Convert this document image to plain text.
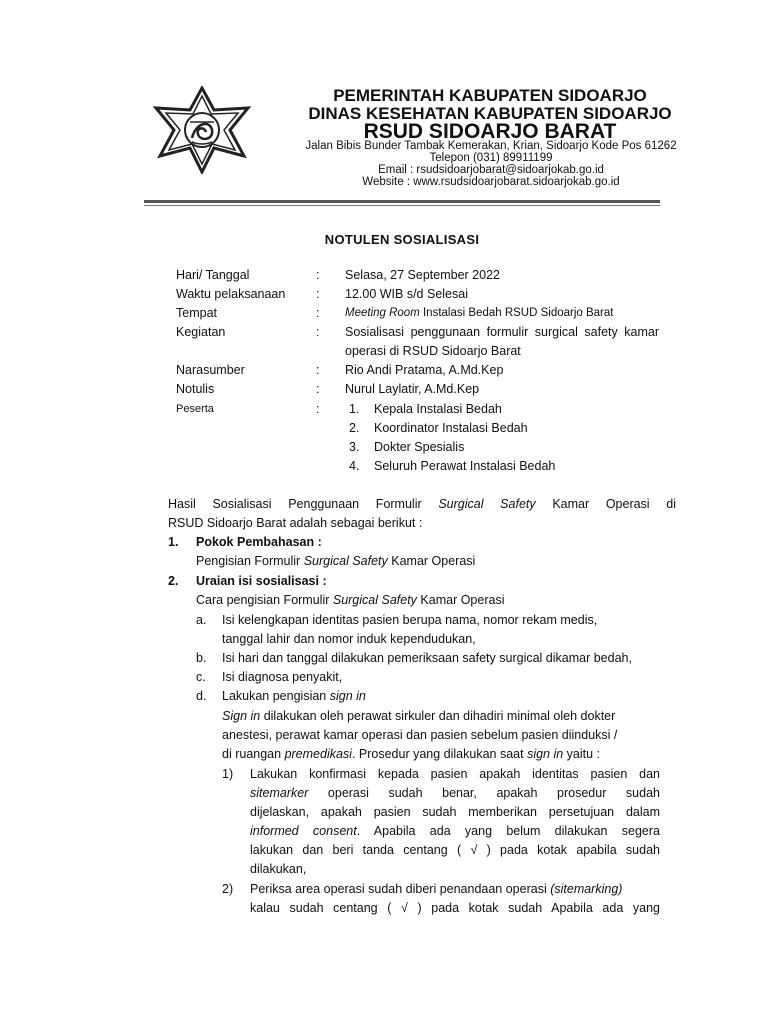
PEMERINTAH KABUPATEN SIDOARJO
DINAS KESEHATAN KABUPATEN SIDOARJO
RSUD SIDOARJO BARAT
Jalan Bibis Bunder Tambak Kemerakan, Krian, Sidoarjo Kode Pos 61262
Telepon (031) 89911199
Email : rsudsidoarjobarat@sidoarjokab.go.id
Website : www.rsudsidoarjobarat.sidoarjokab.go.id
NOTULEN SOSIALISASI
Hari/ Tanggal	: Selasa, 27 September 2022
Waktu pelaksanaan : 12.00 WIB s/d Selesai
Tempat	: Meeting Room Instalasi Bedah RSUD Sidoarjo Barat
Kegiatan	: Sosialisasi penggunaan formulir surgical safety kamar
operasi di RSUD Sidoarjo Barat
Narasumber	: Rio Andi Pratama, A.Md.Kep
Notulis	: Nurul Laylatir, A.Md.Kep
Peserta	: 1. Kepala Instalasi Bedah
2. Koordinator Instalasi Bedah
3. Dokter Spesialis
4. Seluruh Perawat Instalasi Bedah
Hasil Sosialisasi Penggunaan Formulir Surgical Safety Kamar Operasi di
RSUD Sidoarjo Barat adalah sebagai berikut :
1. Pokok Pembahasan :
Pengisian Formulir Surgical Safety Kamar Operasi
2. Uraian isi sosialisasi :
Cara pengisian Formulir Surgical Safety Kamar Operasi
a. Isi kelengkapan identitas pasien berupa nama, nomor rekam medis,
tanggal lahir dan nomor induk kependudukan,
b. Isi hari dan tanggal dilakukan pemeriksaan safety surgical dikamar bedah,
c. Isi diagnosa penyakit,
d. Lakukan pengisian sign in
Sign in dilakukan oleh perawat sirkuler dan dihadiri minimal oleh dokter
anestesi, perawat kamar operasi dan pasien sebelum pasien diinduksi /
di ruangan premedikasi. Prosedur yang dilakukan saat sign in yaitu :
1) Lakukan konfirmasi kepada pasien apakah identitas pasien dan
sitemarker operasi sudah benar, apakah prosedur sudah
dijelaskan, apakah pasien sudah memberikan persetujuan dalam
informed consent. Apabila ada yang belum dilakukan segera
lakukan dan beri tanda centang ( √ ) pada kotak apabila sudah
dilakukan,
2) Periksa area operasi sudah diberi penandaan operasi (sitemarking)
kalau sudah centang ( √ ) pada kotak sudah Apabila ada yang
